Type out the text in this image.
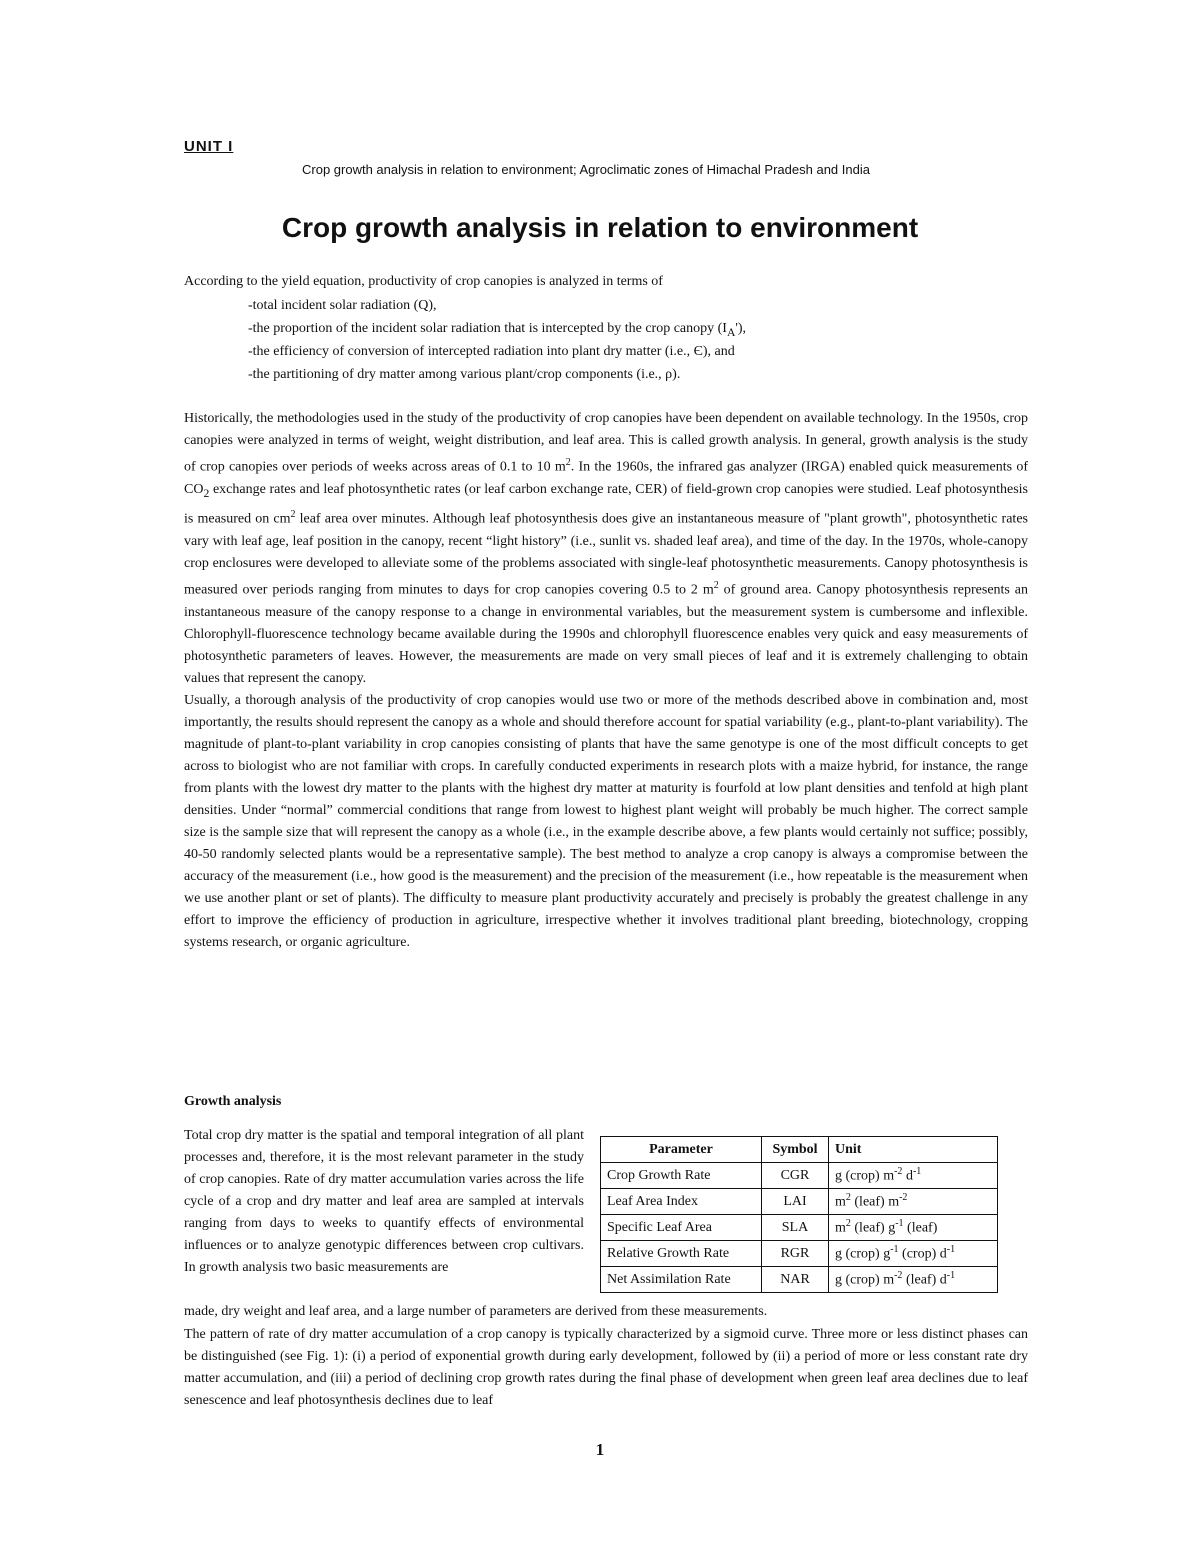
UNIT I
Crop growth analysis in relation to environment; Agroclimatic zones of Himachal Pradesh and India
Crop growth analysis in relation to environment
According to the yield equation, productivity of crop canopies is analyzed in terms of
-total incident solar radiation (Q),
-the proportion of the incident solar radiation that is intercepted by the crop canopy $(I_A')$,
-the efficiency of conversion of intercepted radiation into plant dry matter (i.e., Є), and
-the partitioning of dry matter among various plant/crop components (i.e., ρ).

Historically, the methodologies used in the study of the productivity of crop canopies have been dependent on available technology. In the 1950s, crop canopies were analyzed in terms of weight, weight distribution, and leaf area. This is called growth analysis. In general, growth analysis is the study of crop canopies over periods of weeks across areas of 0.1 to 10 $m^2$. In the 1960s, the infrared gas analyzer (IRGA) enabled quick measurements of $CO_2$ exchange rates and leaf photosynthetic rates (or leaf carbon exchange rate, CER) of field-grown crop canopies were studied. Leaf photosynthesis is measured on $cm^2$ leaf area over minutes. Although leaf photosynthesis does give an instantaneous measure of "plant growth", photosynthetic rates vary with leaf age, leaf position in the canopy, recent “light history” (i.e., sunlit vs. shaded leaf area), and time of the day. In the 1970s, whole-canopy crop enclosures were developed to alleviate some of the problems associated with single-leaf photosynthetic measurements. Canopy photosynthesis is measured over periods ranging from minutes to days for crop canopies covering 0.5 to 2 $m^2$ of ground area. Canopy photosynthesis represents an instantaneous measure of the canopy response to a change in environmental variables, but the measurement system is cumbersome and inflexible. Chlorophyll-fluorescence technology became available during the 1990s and chlorophyll fluorescence enables very quick and easy measurements of photosynthetic parameters of leaves. However, the measurements are made on very small pieces of leaf and it is extremely challenging to obtain values that represent the canopy.

Usually, a thorough analysis of the productivity of crop canopies would use two or more of the methods described above in combination and, most importantly, the results should represent the canopy as a whole and should therefore account for spatial variability (e.g., plant-to-plant variability). The magnitude of plant-to-plant variability in crop canopies consisting of plants that have the same genotype is one of the most difficult concepts to get across to biologist who are not familiar with crops. In carefully conducted experiments in research plots with a maize hybrid, for instance, the range from plants with the lowest dry matter to the plants with the highest dry matter at maturity is fourfold at low plant densities and tenfold at high plant densities. Under “normal” commercial conditions that range from lowest to highest plant weight will probably be much higher. The correct sample size is the sample size that will represent the canopy as a whole (i.e., in the example describe above, a few plants would certainly not suffice; possibly, 40-50 randomly selected plants would be a representative sample). The best method to analyze a crop canopy is always a compromise between the accuracy of the measurement (i.e., how good is the measurement) and the precision of the measurement (i.e., how repeatable is the measurement when we use another plant or set of plants). The difficulty to measure plant productivity accurately and precisely is probably the greatest challenge in any effort to improve the efficiency of production in agriculture, irrespective whether it involves traditional plant breeding, biotechnology, cropping systems research, or organic agriculture.

Growth analysis
Total crop dry matter is the spatial and temporal integration of all plant processes and, therefore, it is the most relevant parameter in the study of crop canopies. Rate of dry matter accumulation varies across the life cycle of a crop and dry matter and leaf area are sampled at intervals ranging from days to weeks to quantify effects of environmental influences or to analyze genotypic differences between crop cultivars. In growth analysis two basic measurements are
Parameter	Symbol	Unit
Crop Growth Rate	CGR	g (crop) $m^{-2}$ $d^{-1}$
Leaf Area Index	LAI	$m^2$ (leaf) $m^{-2}$
Specific Leaf Area	SLA	$m^2$ (leaf) $g^{-1}$ (leaf)
Relative Growth Rate	RGR	g (crop) $g^{-1}$ (crop) $d^{-1}$
Net Assimilation Rate	NAR	g (crop) $m^{-2}$ (leaf) $d^{-1}$
made, dry weight and leaf area, and a large number of parameters are derived from these measurements.
The pattern of rate of dry matter accumulation of a crop canopy is typically characterized by a sigmoid curve. Three more or less distinct phases can be distinguished (see Fig. 1): (i) a period of exponential growth during early development, followed by (ii) a period of more or less constant rate dry matter accumulation, and (iii) a period of declining crop growth rates during the final phase of development when green leaf area declines due to leaf senescence and leaf photosynthesis declines due to leaf
1
